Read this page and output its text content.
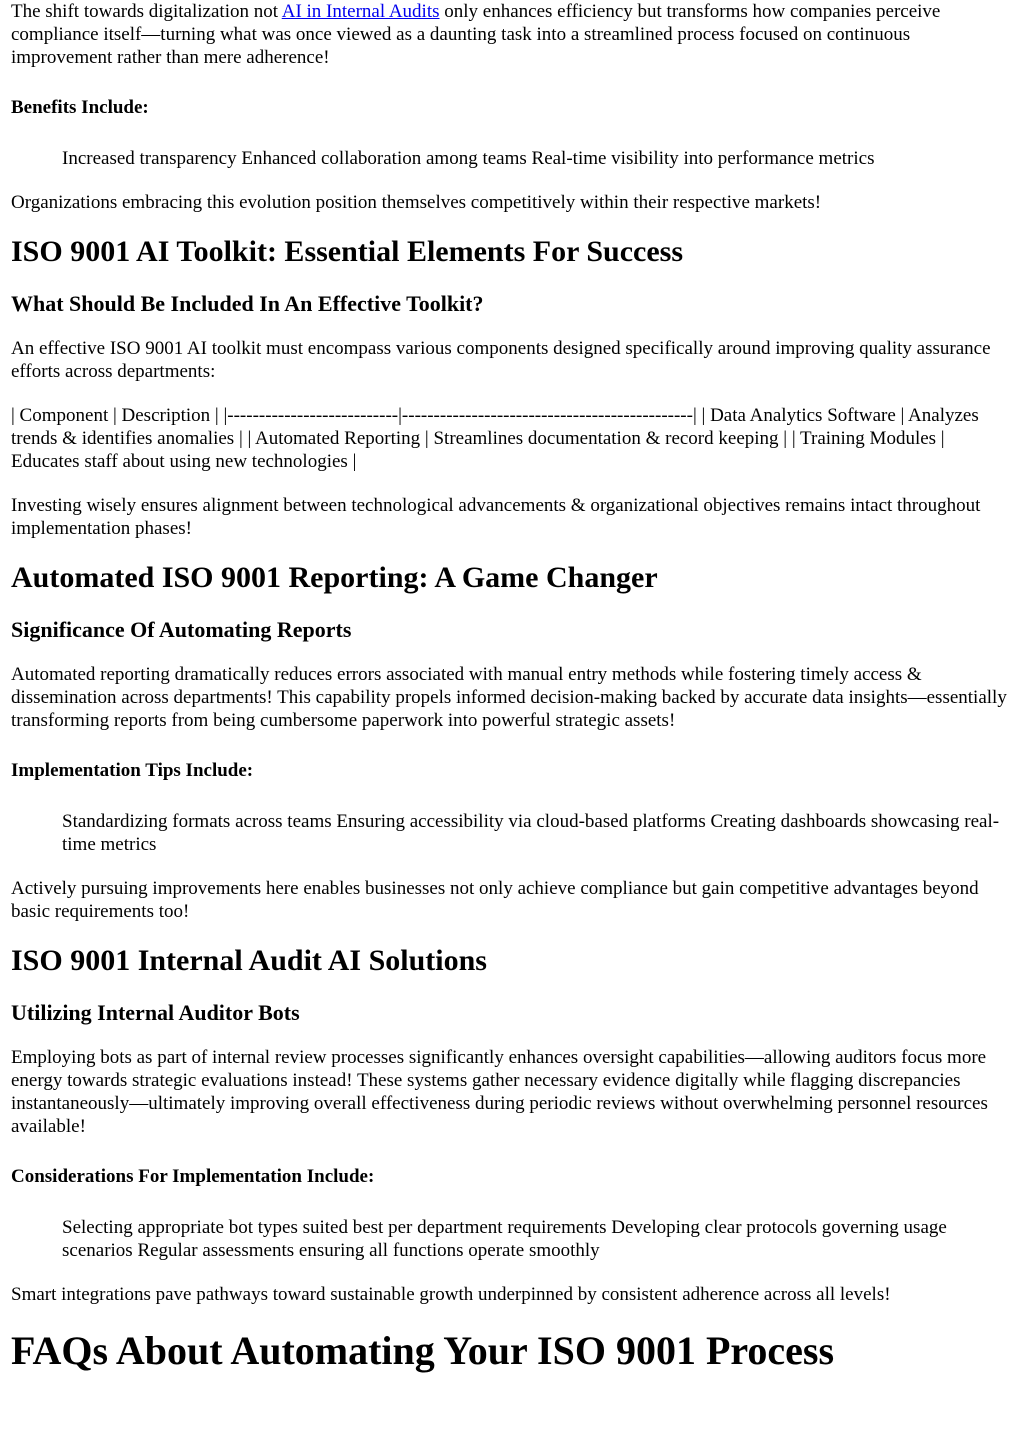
The shift towards digitalization not AI in Internal Audits only enhances efficiency but transforms how companies perceive compliance itself—turning what was once viewed as a daunting task into a streamlined process focused on continuous improvement rather than mere adherence!

Benefits Include:
Increased transparency Enhanced collaboration among teams Real-time visibility into performance metrics

Organizations embracing this evolution position themselves competitively within their respective markets!

ISO 9001 AI Toolkit: Essential Elements For Success
What Should Be Included In An Effective Toolkit?

An effective ISO 9001 AI toolkit must encompass various components designed specifically around improving quality assurance efforts across departments:

| Component | Description | |---------------------------|----------------------------------------------| | Data Analytics Software | Analyzes trends & identifies anomalies | | Automated Reporting | Streamlines documentation & record keeping | | Training Modules | Educates staff about using new technologies |

Investing wisely ensures alignment between technological advancements & organizational objectives remains intact throughout implementation phases!

Automated ISO 9001 Reporting: A Game Changer
Significance Of Automating Reports

Automated reporting dramatically reduces errors associated with manual entry methods while fostering timely access & dissemination across departments! This capability propels informed decision-making backed by accurate data insights—essentially transforming reports from being cumbersome paperwork into powerful strategic assets!

Implementation Tips Include:
Standardizing formats across teams Ensuring accessibility via cloud-based platforms Creating dashboards showcasing real-time metrics

Actively pursuing improvements here enables businesses not only achieve compliance but gain competitive advantages beyond basic requirements too!

ISO 9001 Internal Audit AI Solutions
Utilizing Internal Auditor Bots

Employing bots as part of internal review processes significantly enhances oversight capabilities—allowing auditors focus more energy towards strategic evaluations instead! These systems gather necessary evidence digitally while flagging discrepancies instantaneously—ultimately improving overall effectiveness during periodic reviews without overwhelming personnel resources available!

Considerations For Implementation Include:
Selecting appropriate bot types suited best per department requirements Developing clear protocols governing usage scenarios Regular assessments ensuring all functions operate smoothly

Smart integrations pave pathways toward sustainable growth underpinned by consistent adherence across all levels!

FAQs About Automating Your ISO 9001 Process
